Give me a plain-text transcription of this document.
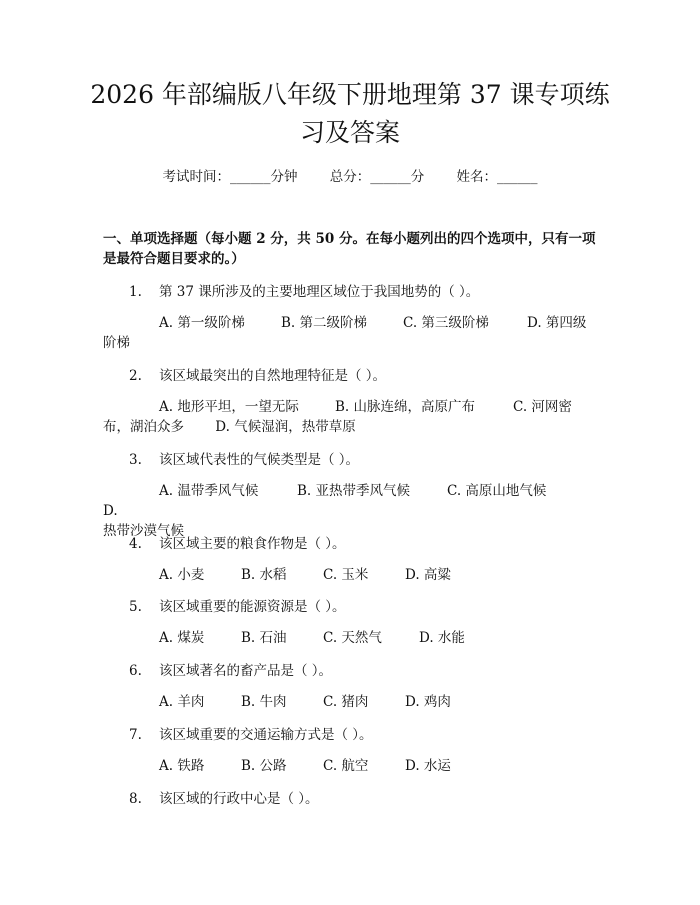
2026 年部编版八年级下册地理第 37 课专项练习及答案
考试时间：______分钟 总分：______分 姓名：______

一、单项选择题（每小题 2 分，共 50 分。在每小题列出的四个选项中，只有一项是最符合题目要求的。）

1. 第 37 课所涉及的主要地理区域位于我国地势的（ ）。
A. 第一级阶梯	B. 第二级阶梯	C. 第三级阶梯	D. 第四级
阶梯
2. 该区域最突出的自然地理特征是（ ）。
A. 地形平坦，一望无际	B. 山脉连绵，高原广布	C. 河网密
布，湖泊众多　　 D. 气候湿润，热带草原
3. 该区域代表性的气候类型是（ ）。
A. 温带季风气候	B. 亚热带季风气候	C. 高原山地气候D.
热带沙漠气候
4. 该区域主要的粮食作物是（ ）。
A. 小麦	B. 水稻	C. 玉米	D. 高粱
5. 该区域重要的能源资源是（ ）。
A. 煤炭	B. 石油	C. 天然气	D. 水能
6. 该区域著名的畜产品是（ ）。
A. 羊肉	B. 牛肉	C. 猪肉	D. 鸡肉
7. 该区域重要的交通运输方式是（ ）。
A. 铁路	B. 公路	C. 航空	D. 水运
8. 该区域的行政中心是（ ）。
